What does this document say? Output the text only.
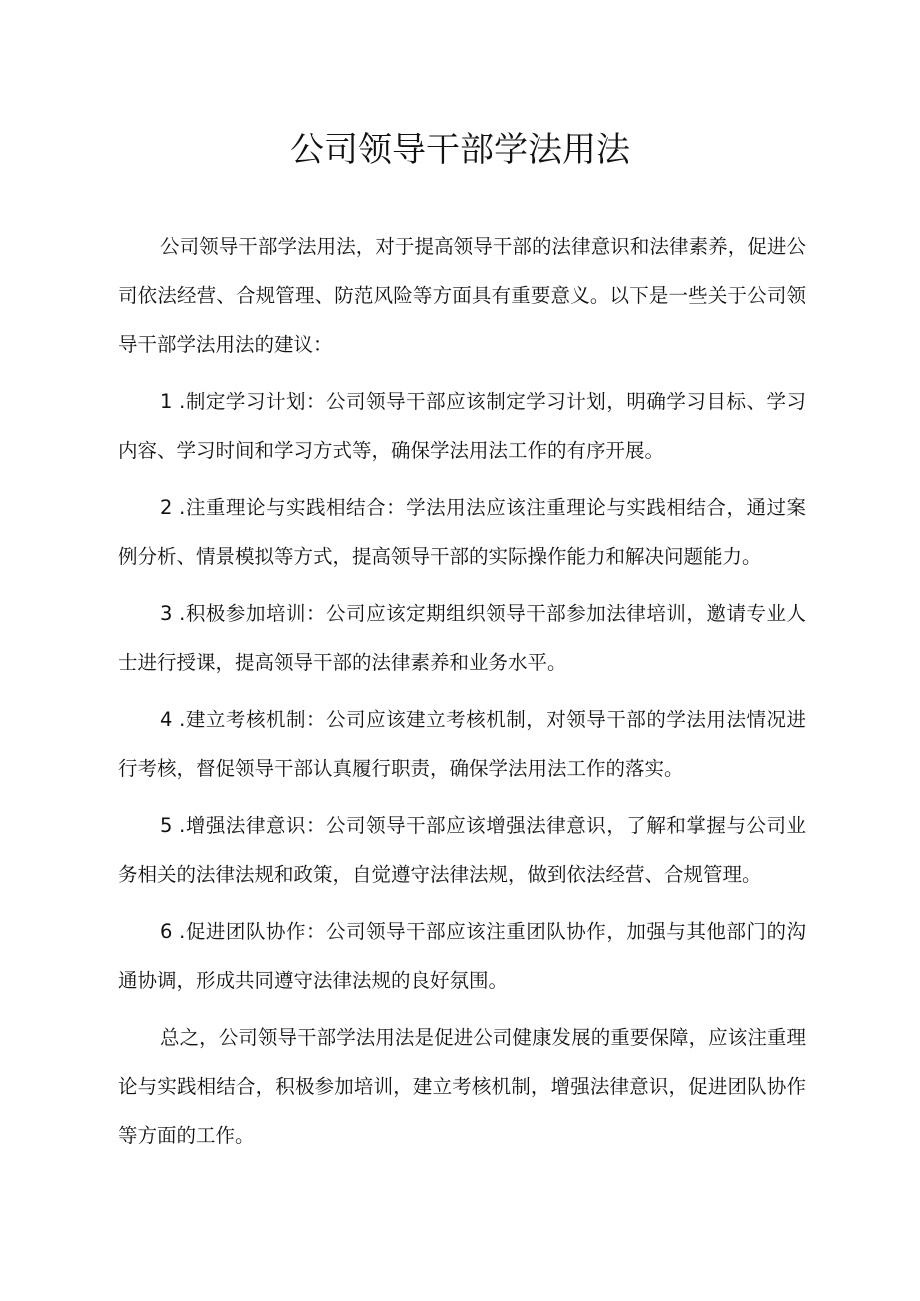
公司领导干部学法用法

公司领导干部学法用法，对于提高领导干部的法律意识和法律素养，促进公司依法经营、合规管理、防范风险等方面具有重要意义。以下是一些关于公司领导干部学法用法的建议：

1 .制定学习计划：公司领导干部应该制定学习计划，明确学习目标、学习内容、学习时间和学习方式等，确保学法用法工作的有序开展。

2 .注重理论与实践相结合：学法用法应该注重理论与实践相结合，通过案例分析、情景模拟等方式，提高领导干部的实际操作能力和解决问题能力。

3 .积极参加培训：公司应该定期组织领导干部参加法律培训，邀请专业人士进行授课，提高领导干部的法律素养和业务水平。

4 .建立考核机制：公司应该建立考核机制，对领导干部的学法用法情况进行考核，督促领导干部认真履行职责，确保学法用法工作的落实。

5 .增强法律意识：公司领导干部应该增强法律意识，了解和掌握与公司业务相关的法律法规和政策，自觉遵守法律法规，做到依法经营、合规管理。

6 .促进团队协作：公司领导干部应该注重团队协作，加强与其他部门的沟通协调，形成共同遵守法律法规的良好氛围。

总之，公司领导干部学法用法是促进公司健康发展的重要保障，应该注重理论与实践相结合，积极参加培训，建立考核机制，增强法律意识，促进团队协作等方面的工作。
